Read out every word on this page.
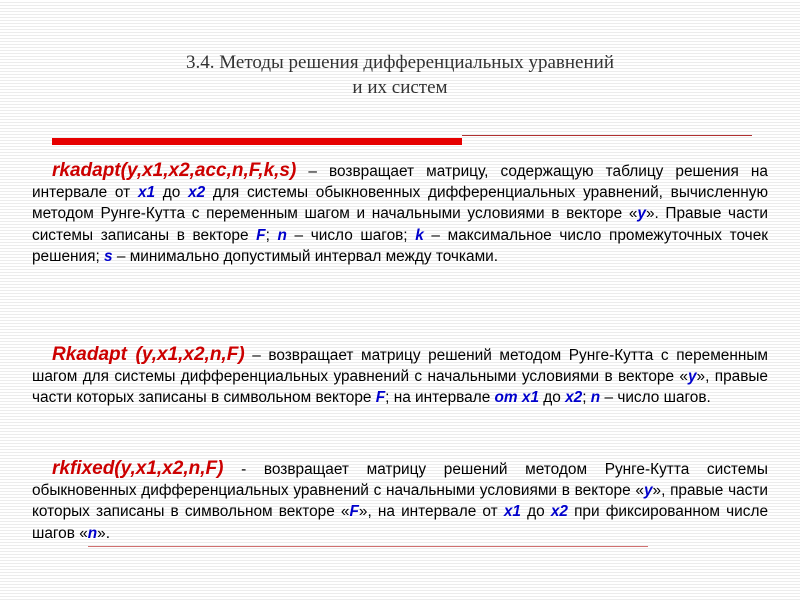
3.4. Методы решения дифференциальных уравнений
и их систем

rkadapt(y,x1,x2,acc,n,F,k,s) – возвращает матрицу, содержащую таблицу решения на интервале от x1 до x2 для системы обыкновенных дифференциальных уравнений, вычисленную методом Рунге-Кутта с переменным шагом и начальными условиями в векторе «y». Правые части системы записаны в векторе F; n – число шагов; k – максимальное число промежуточных точек решения; s – минимально допустимый интервал между точками.

Rkadapt (y,x1,x2,n,F) – возвращает матрицу решений методом Рунге-Кутта с переменным шагом для системы дифференциальных уравнений с начальными условиями в векторе «y», правые части которых записаны в символьном векторе F; на интервале от x1 до x2; n – число шагов.

rkfixed(y,x1,x2,n,F) - возвращает матрицу решений методом Рунге-Кутта системы обыкновенных дифференциальных уравнений с начальными условиями в векторе «y», правые части которых записаны в символьном векторе «F», на интервале от x1 до x2 при фиксированном числе шагов «n».
